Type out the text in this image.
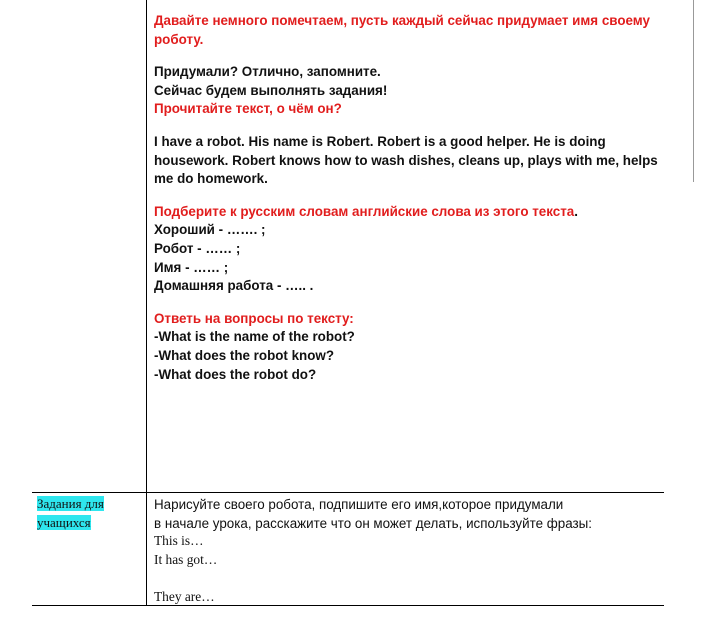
Давайте немного помечтаем, пусть каждый сейчас придумает имя своему
роботу.
Придумали? Отлично, запомните.
Сейчас будем выполнять задания!
Прочитайте текст, о чём он?
I have a robot. His name is Robert. Robert is a good helper. He is doing
housework. Robert knows how to wash dishes, cleans up, plays with me, helps
me do homework.
Подберите к русским словам английские слова из этого текста.
Хороший - ……. ;
Робот - …… ;
Имя - …… ;
Домашняя работа - ….. .
Ответь на вопросы по тексту:
-What is the name of the robot?
-What does the robot know?
-What does the robot do?
Задания для
учащихся
Нарисуйте своего робота, подпишите его имя,которое придумали
в начале урока, расскажите что он может делать, используйте фразы:
This is…
It has got…
They are…
